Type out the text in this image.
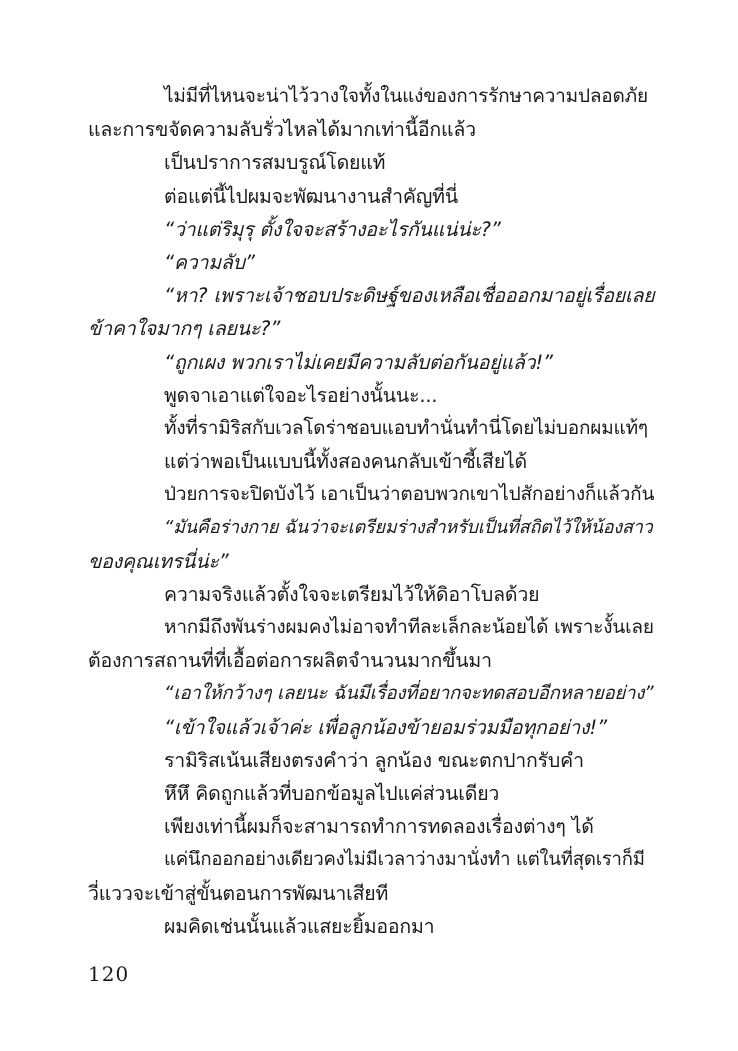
ไม่มีที่ไหนจะน่าไว้วางใจทั้งในแง่ของการรักษาความปลอดภัย
และการขจัดความลับรั่วไหลได้มากเท่านี้อีกแล้ว
เป็นปราการสมบรูณ์โดยแท้
ต่อแต่นี้ไปผมจะพัฒนางานสำคัญที่นี่
“ว่าแต่ริมุรุ ตั้งใจจะสร้างอะไรกันแน่น่ะ?”
“ความลับ”
“หา? เพราะเจ้าชอบประดิษฐ์ของเหลือเชื่อออกมาอยู่เรื่อยเลย
ข้าคาใจมากๆ เลยนะ?”
“ถูกเผง พวกเราไม่เคยมีความลับต่อกันอยู่แล้ว!”
พูดจาเอาแต่ใจอะไรอย่างนั้นนะ...
ทั้งที่รามิริสกับเวลโดร่าชอบแอบทำนั่นทำนี่โดยไม่บอกผมแท้ๆ
แต่ว่าพอเป็นแบบนี้ทั้งสองคนกลับเข้าซี้เสียได้
ป่วยการจะปิดบังไว้ เอาเป็นว่าตอบพวกเขาไปสักอย่างก็แล้วกัน
“มันคือร่างกาย ฉันว่าจะเตรียมร่างสำหรับเป็นที่สถิตไว้ให้น้องสาว
ของคุณเทรนี่น่ะ”
ความจริงแล้วตั้งใจจะเตรียมไว้ให้ดิอาโบลด้วย
หากมีถึงพันร่างผมคงไม่อาจทำทีละเล็กละน้อยได้ เพราะงั้นเลย
ต้องการสถานที่ที่เอื้อต่อการผลิตจำนวนมากขึ้นมา
“เอาให้กว้างๆ เลยนะ ฉันมีเรื่องที่อยากจะทดสอบอีกหลายอย่าง”
“เข้าใจแล้วเจ้าค่ะ เพื่อลูกน้องข้ายอมร่วมมือทุกอย่าง!”
รามิริสเน้นเสียงตรงคำว่า ลูกน้อง ขณะตกปากรับคำ
หึหึ คิดถูกแล้วที่บอกข้อมูลไปแค่ส่วนเดียว
เพียงเท่านี้ผมก็จะสามารถทำการทดลองเรื่องต่างๆ ได้
แค่นึกออกอย่างเดียวคงไม่มีเวลาว่างมานั่งทำ แต่ในที่สุดเราก็มี
วี่แววจะเข้าสู่ขั้นตอนการพัฒนาเสียที
ผมคิดเช่นนั้นแล้วแสยะยิ้มออกมา
120
